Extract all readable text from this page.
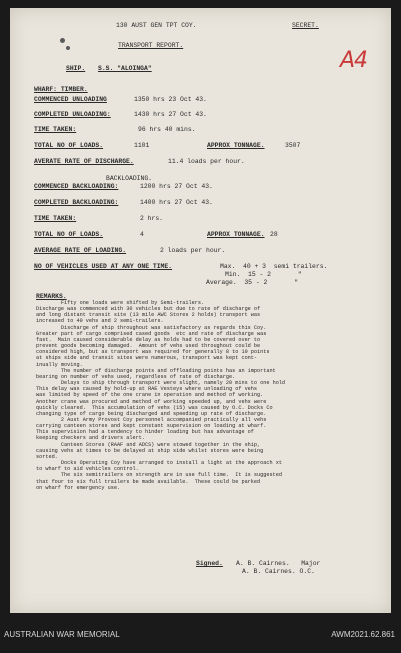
130 AUST GEN TPT COY.	SECRET.
TRANSPORT REPORT.
A4
SHIP. S.S. "ALOINGA"
WHARF: TIMBER.
COMMENCED UNLOADING	1350 hrs 23 Oct 43.
COMPLETED UNLOADING:	1430 hrs 27 Oct 43.
TIME TAKEN:	96 hrs 40 mins.
TOTAL NO OF LOADS.	1101	APPROX TONNAGE.	3507
AVERATE RATE OF DISCHARGE.	11.4 loads per hour.
BACKLOADING.
COMMENCED BACKLOADING:	1200 hrs 27 Oct 43.
COMPLETED BACKLOADING:	1400 hrs 27 Oct 43.
TIME TAKEN:	2 hrs.
TOTAL NO OF LOADS.	4	APPROX TONNAGE. 28
AVERAGE RATE OF LOADING.	2 loads per hour.
NO OF VEHICLES USED AT ANY ONE TIME.	Max.  40 + 3  semi trailers.
Min.  15 - 2       "
Average.  35 - 2       "
REMARKS.
Fifty one loads were shifted by Semi-trailers.
Discharge was commenced with 30 vehicles but due to rate of discharge of
and long distant transit site (13 mile AWC Stores 2 holds) transport was
increased to 40 vehs and 2 semi-trailers.
Discharge of ship throughout was satisfactory as regards this Coy.
Greater part of cargo comprised cased goods  etc and rate of discharge was
fast.  Main caused considerable delay as holds had to be covered over to
prevent goods becoming damaged.  Amount of vehs used throughout could be
considered high, but as transport was required for generally 8 to 10 points
at ships side and transit sites were numerous, transport was kept cont-
inually moving.
The number of discharge points and offloading points has an important
bearing on number of vehs used, regardless of rate of discharge.
Delays to ship through transport were slight, namely 20 mins to one hold
This delay was caused by hold-up at RAE Vesteys where unloading of vehs
was limited by speed of the one crane in operation and method of working.
Another crane was procured and method of working speeded up, and vehs were
quickly cleared.  This accumulation of vehs (15) was caused by O.C. Docks Co
changing type of cargo being discharged and speeding up rate of discharge.
2 Aust Army Provost Coy personnel accompanied practically all vehs
carrying canteen stores and kept constant supervision on loading at wharf.
This supervision had a tendency to hinder loading but has advantage of
keeping checkers and drivers alert.
Canteen Stores (RAAF and ADCS) were stowed together in the ship,
causing vehs at times to be delayed at ship side whilst stores were being
sorted.
Docks Operating Coy have arranged to install a light at the approach xt
to wharf to aid vehicles control.
The six semitrailers on strength are in use full time.  It is suggested
that four to six full trailers be made available.  These could be parked
on wharf for emergency use.
Signed. A. B. Cairnes.   Major
A. B. Cairnes. O.C.
AUSTRALIAN WAR MEMORIAL	AWM2021.62.861
